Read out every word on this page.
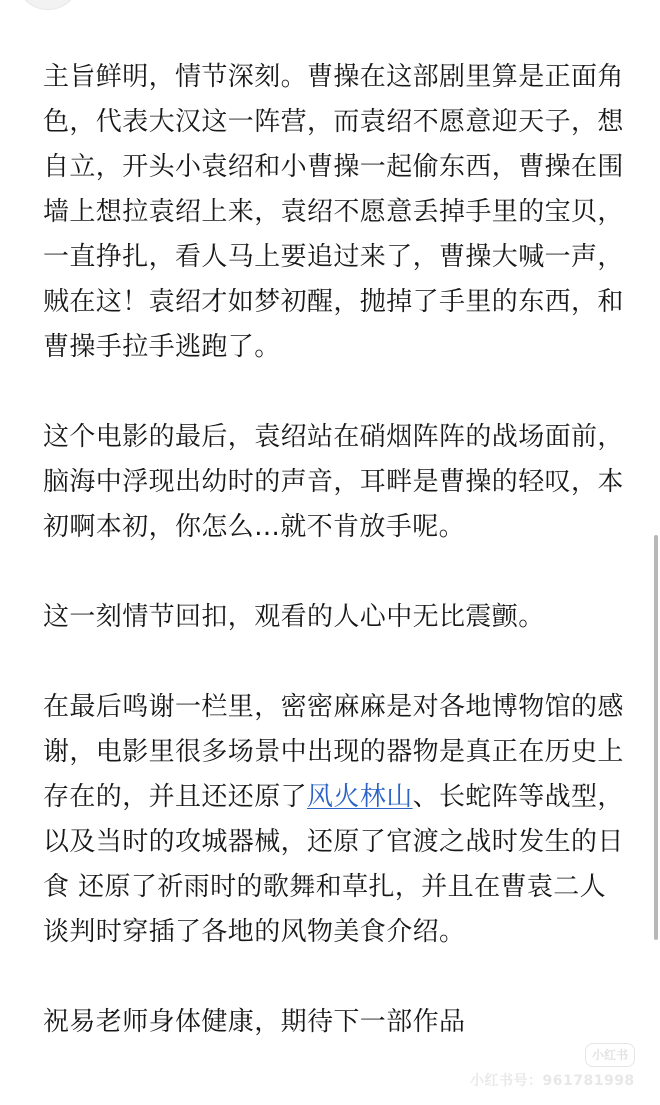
主旨鲜明，情节深刻。曹操在这部剧里算是正面角色，代表大汉这一阵营，而袁绍不愿意迎天子，想自立，开头小袁绍和小曹操一起偷东西，曹操在围墙上想拉袁绍上来，袁绍不愿意丢掉手里的宝贝，一直挣扎，看人马上要追过来了，曹操大喊一声，贼在这！袁绍才如梦初醒，抛掉了手里的东西，和曹操手拉手逃跑了。

这个电影的最后，袁绍站在硝烟阵阵的战场面前，脑海中浮现出幼时的声音，耳畔是曹操的轻叹，本初啊本初，你怎么...就不肯放手呢。

这一刻情节回扣，观看的人心中无比震颤。

在最后鸣谢一栏里，密密麻麻是对各地博物馆的感谢，电影里很多场景中出现的器物是真正在历史上存在的，并且还还原了风火林山、长蛇阵等战型，以及当时的攻城器械，还原了官渡之战时发生的日食 还原了祈雨时的歌舞和草扎，并且在曹袁二人谈判时穿插了各地的风物美食介绍。

祝易老师身体健康，期待下一部作品

小红书
小红书号：961781998
